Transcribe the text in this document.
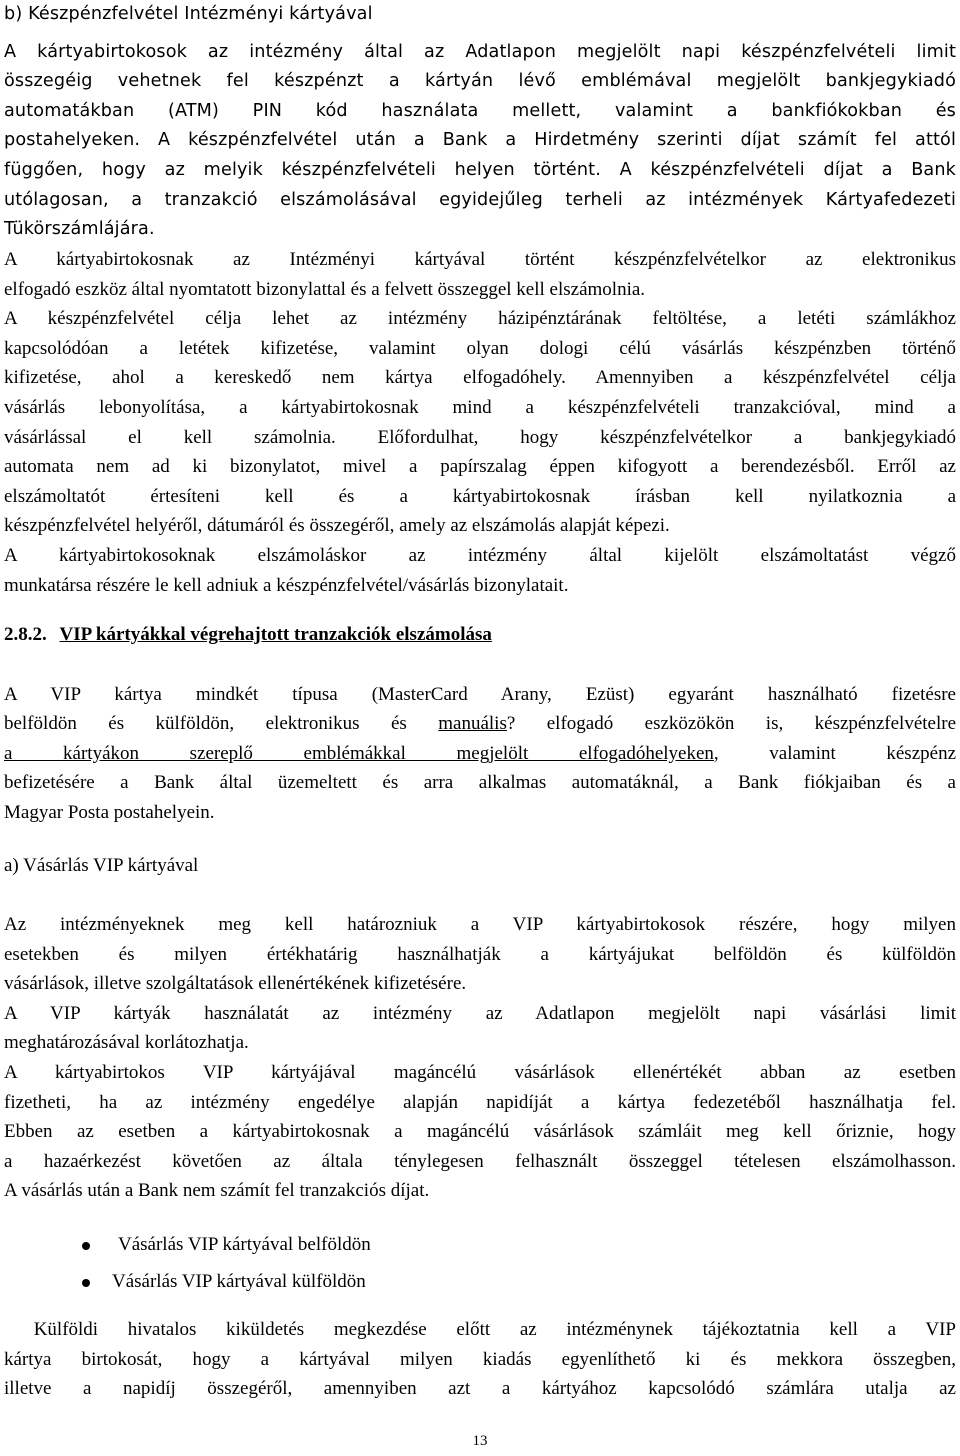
b) Készpénzfelvétel Intézményi kártyával
A kártyabirtokosok az intézmény által az Adatlapon megjelölt napi készpénzfelvételi limit
összegéig vehetnek fel készpénzt a kártyán lévő emblémával megjelölt bankjegykiadó
automatákban (ATM) PIN kód használata mellett, valamint a bankfiókokban és
postahelyeken. A készpénzfelvétel után a Bank a Hirdetmény szerinti díjat számít fel attól
függően, hogy az melyik készpénzfelvételi helyen történt. A készpénzfelvételi díjat a Bank
utólagosan, a tranzakció elszámolásával egyidejűleg terheli az intézmények Kártyafedezeti
Tükörszámlájára.
A kártyabirtokosnak az Intézményi kártyával történt készpénzfelvételkor az elektronikus
elfogadó eszköz által nyomtatott bizonylattal és a felvett összeggel kell elszámolnia.
A készpénzfelvétel célja lehet az intézmény házipénztárának feltöltése, a letéti számlákhoz
kapcsolódóan a letétek kifizetése, valamint olyan dologi célú vásárlás készpénzben történő
kifizetése, ahol a kereskedő nem kártya elfogadóhely. Amennyiben a készpénzfelvétel célja
vásárlás lebonyolítása, a kártyabirtokosnak mind a készpénzfelvételi tranzakcióval, mind a
vásárlással el kell számolnia. Előfordulhat, hogy készpénzfelvételkor a bankjegykiadó
automata nem ad ki bizonylatot, mivel a papírszalag éppen kifogyott a berendezésből. Erről az
elszámoltatót értesíteni kell és a kártyabirtokosnak írásban kell nyilatkoznia a
készpénzfelvétel helyéről, dátumáról és összegéről, amely az elszámolás alapját képezi.
A kártyabirtokosoknak elszámoláskor az intézmény által kijelölt elszámoltatást végző
munkatársa részére le kell adniuk a készpénzfelvétel/vásárlás bizonylatait.
2.8.2. VIP kártyákkal végrehajtott tranzakciók elszámolása
A VIP kártya mindkét típusa (MasterCard Arany, Ezüst) egyaránt használható fizetésre
belföldön és külföldön, elektronikus és manuális? elfogadó eszközökön is, készpénzfelvételre
a kártyákon szereplő emblémákkal megjelölt elfogadóhelyeken, valamint készpénz
befizetésére a Bank által üzemeltett és arra alkalmas automatáknál, a Bank fiókjaiban és a
Magyar Posta postahelyein.
a) Vásárlás VIP kártyával
Az intézményeknek meg kell határozniuk a VIP kártyabirtokosok részére, hogy milyen
esetekben és milyen értékhatárig használhatják a kártyájukat belföldön és külföldön
vásárlások, illetve szolgáltatások ellenértékének kifizetésére.
A VIP kártyák használatát az intézmény az Adatlapon megjelölt napi vásárlási limit
meghatározásával korlátozhatja.
A kártyabirtokos VIP kártyájával magáncélú vásárlások ellenértékét abban az esetben
fizetheti, ha az intézmény engedélye alapján napidíját a kártya fedezetéből használhatja fel.
Ebben az esetben a kártyabirtokosnak a magáncélú vásárlások számláit meg kell őriznie, hogy
a hazaérkezést követően az általa ténylegesen felhasznált összeggel tételesen elszámolhasson.
A vásárlás után a Bank nem számít fel tranzakciós díjat.
Vásárlás VIP kártyával belföldön
Vásárlás VIP kártyával külföldön
Külföldi hivatalos kiküldetés megkezdése előtt az intézménynek tájékoztatnia kell a VIP
kártya birtokosát, hogy a kártyával milyen kiadás egyenlíthető ki és mekkora összegben,
illetve a napidíj összegéről, amennyiben azt a kártyához kapcsolódó számlára utalja az
13
